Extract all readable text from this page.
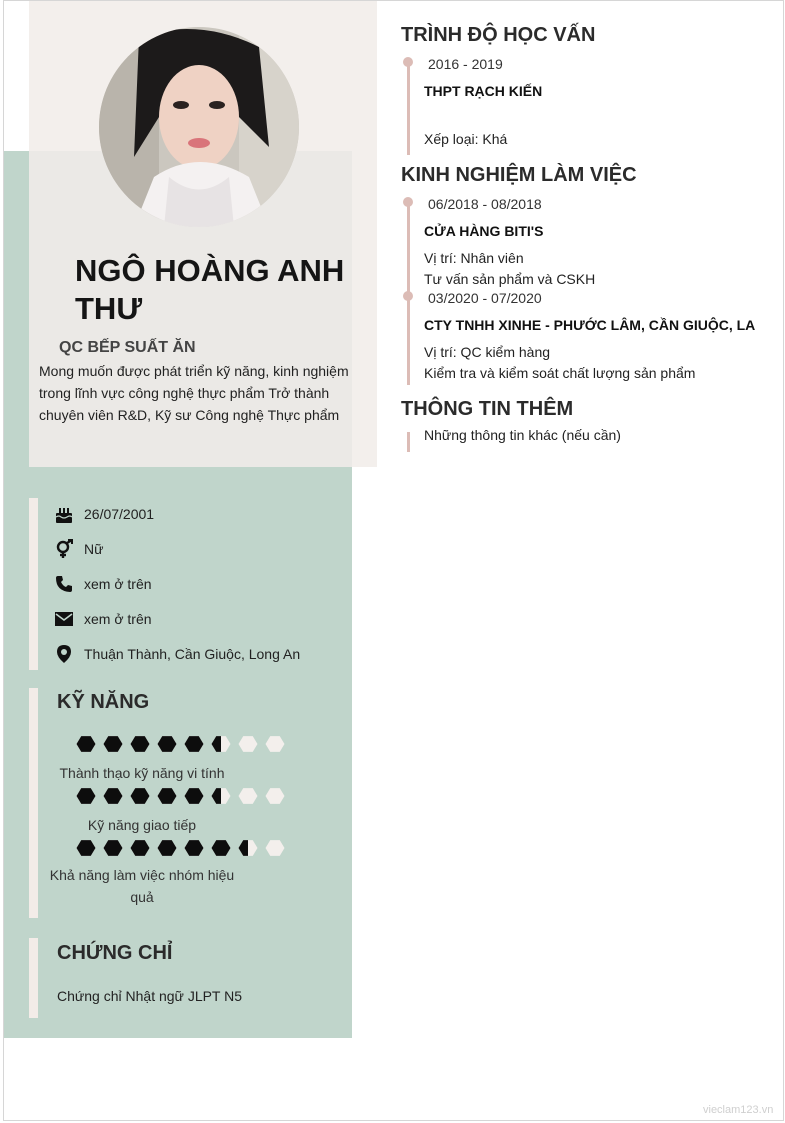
NGÔ HOÀNG ANH THƯ
QC BẾP SUẤT ĂN
Mong muốn được phát triển kỹ năng, kinh nghiệm trong lĩnh vực công nghệ thực phẩm Trở thành chuyên viên R&D, Kỹ sư Công nghệ Thực phẩm
26/07/2001
Nữ
xem ở trên
xem ở trên
Thuận Thành, Cần Giuộc, Long An
KỸ NĂNG
Thành thạo kỹ năng vi tính
Kỹ năng giao tiếp
Khả năng làm việc nhóm hiệu quả
CHỨNG CHỈ
Chứng chỉ Nhật ngữ JLPT N5
TRÌNH ĐỘ HỌC VẤN
2016 - 2019
THPT RẠCH KIẾN
Xếp loại: Khá
KINH NGHIỆM LÀM VIỆC
06/2018 - 08/2018
CỬA HÀNG BITI'S
Vị trí: Nhân viên
Tư vấn sản phẩm và CSKH
03/2020 - 07/2020
CTY TNHH XINHE - PHƯỚC LÂM, CẦN GIUỘC, LA
Vị trí: QC kiểm hàng
Kiểm tra và kiểm soát chất lượng sản phẩm
THÔNG TIN THÊM
Những thông tin khác (nếu cần)
vieclam123.vn
